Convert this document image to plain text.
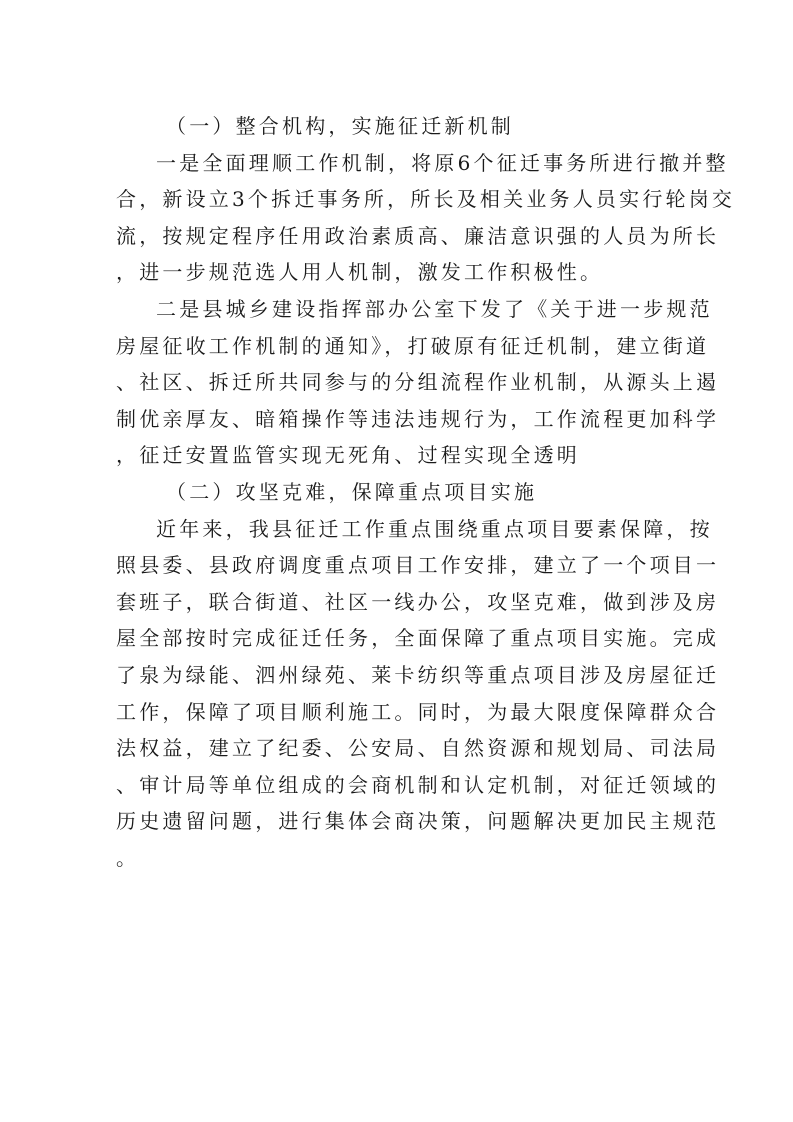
（一）整合机构，实施征迁新机制
一是全面理顺工作机制，将原6个征迁事务所进行撤并整
合，新设立3个拆迁事务所，所长及相关业务人员实行轮岗交
流，按规定程序任用政治素质高、廉洁意识强的人员为所长
，进一步规范选人用人机制，激发工作积极性。
二是县城乡建设指挥部办公室下发了《关于进一步规范
房屋征收工作机制的通知》，打破原有征迁机制，建立街道
、社区、拆迁所共同参与的分组流程作业机制，从源头上遏
制优亲厚友、暗箱操作等违法违规行为，工作流程更加科学
，征迁安置监管实现无死角、过程实现全透明
（二）攻坚克难，保障重点项目实施
近年来，我县征迁工作重点围绕重点项目要素保障，按
照县委、县政府调度重点项目工作安排，建立了一个项目一
套班子，联合街道、社区一线办公，攻坚克难，做到涉及房
屋全部按时完成征迁任务，全面保障了重点项目实施。完成
了泉为绿能、泗州绿苑、莱卡纺织等重点项目涉及房屋征迁
工作，保障了项目顺利施工。同时，为最大限度保障群众合
法权益，建立了纪委、公安局、自然资源和规划局、司法局
、审计局等单位组成的会商机制和认定机制，对征迁领域的
历史遗留问题，进行集体会商决策，问题解决更加民主规范
。
